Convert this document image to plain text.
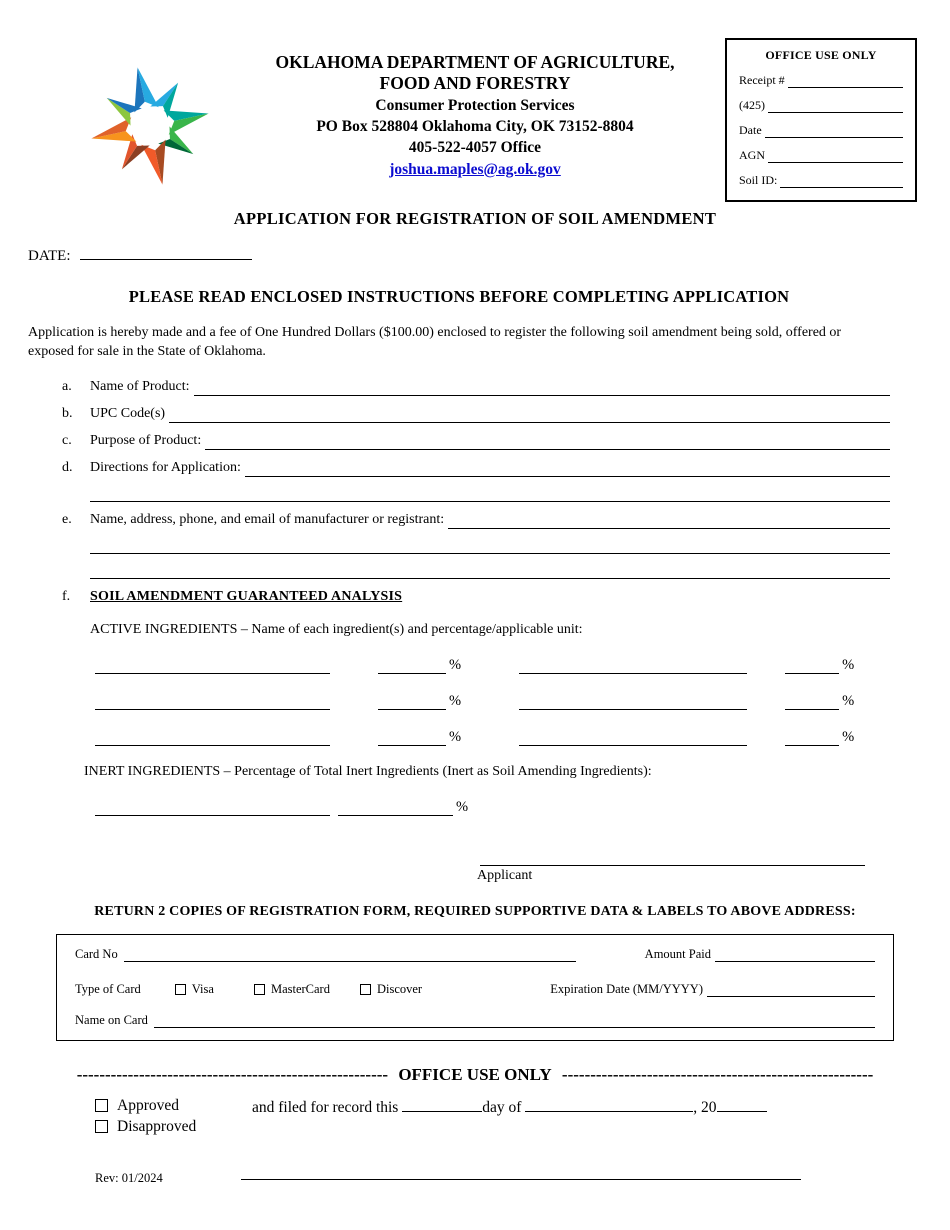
OKLAHOMA DEPARTMENT OF AGRICULTURE,
FOOD AND FORESTRY
Consumer Protection Services
PO Box 528804 Oklahoma City, OK 73152-8804
405-522-4057 Office
joshua.maples@ag.ok.gov
OFFICE USE ONLY
Receipt #
(425)
Date
AGN
Soil ID:
APPLICATION FOR REGISTRATION OF SOIL AMENDMENT
DATE:
PLEASE READ ENCLOSED INSTRUCTIONS BEFORE COMPLETING APPLICATION

Application is hereby made and a fee of One Hundred Dollars ($100.00) enclosed to register the following soil amendment being sold, offered or exposed for sale in the State of Oklahoma.

a.	Name of Product:
b.	UPC Code(s)
c.	Purpose of Product:
d.	Directions for Application:
e.	Name, address, phone, and email of manufacturer or registrant:
f.	SOIL AMENDMENT GUARANTEED ANALYSIS
ACTIVE INGREDIENTS – Name of each ingredient(s) and percentage/applicable unit:
%	%
%	%
%	%
INERT INGREDIENTS – Percentage of Total Inert Ingredients (Inert as Soil Amending Ingredients):
%
Applicant
RETURN 2 COPIES OF REGISTRATION FORM, REQUIRED SUPPORTIVE DATA & LABELS TO ABOVE ADDRESS:
Card No	Amount Paid
Type of Card	Visa	MasterCard	Discover	Expiration Date (MM/YYYY)
Name on Card
------------------------------------------------------- OFFICE USE ONLY -------------------------------------------------------
Approved
Disapproved
and filed for record this	day of	, 20
Rev: 01/2024
